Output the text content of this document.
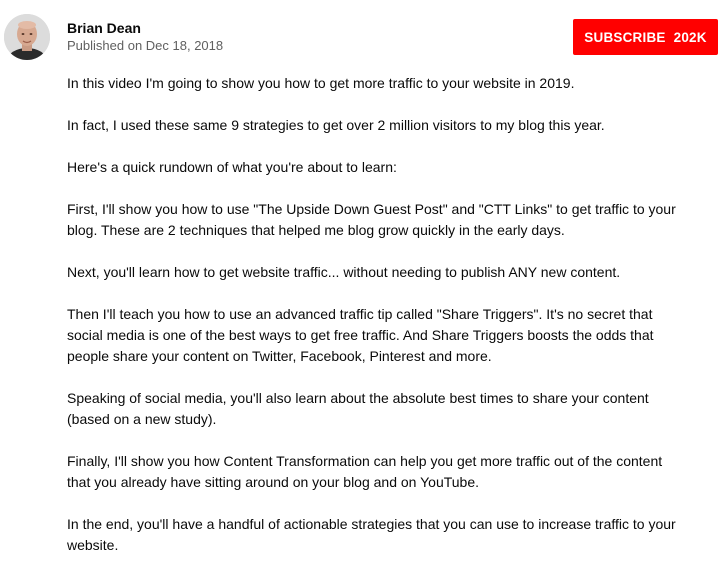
Brian Dean
Published on Dec 18, 2018
SUBSCRIBE 202K

In this video I'm going to show you how to get more traffic to your website in 2019.

In fact, I used these same 9 strategies to get over 2 million visitors to my blog this year.

Here's a quick rundown of what you're about to learn:

First, I'll show you how to use "The Upside Down Guest Post" and "CTT Links" to get traffic to your blog. These are 2 techniques that helped me blog grow quickly in the early days.

Next, you'll learn how to get website traffic... without needing to publish ANY new content.

Then I'll teach you how to use an advanced traffic tip called "Share Triggers". It's no secret that social media is one of the best ways to get free traffic. And Share Triggers boosts the odds that people share your content on Twitter, Facebook, Pinterest and more.

Speaking of social media, you'll also learn about the absolute best times to share your content (based on a new study).

Finally, I'll show you how Content Transformation can help you get more traffic out of the content that you already have sitting around on your blog and on YouTube.

In the end, you'll have a handful of actionable strategies that you can use to increase traffic to your website.
